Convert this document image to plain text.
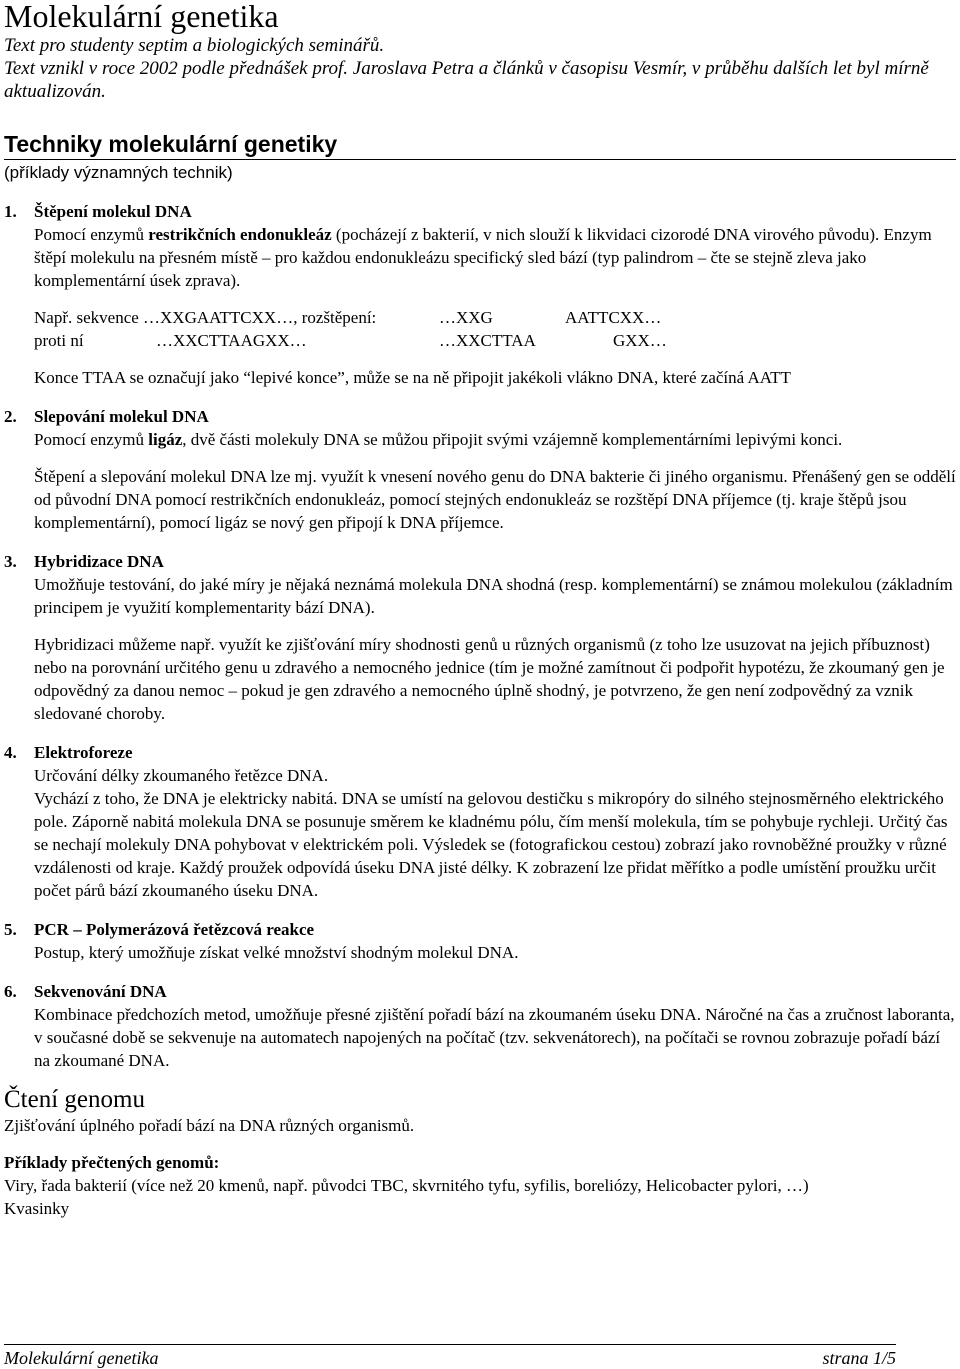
Molekulární genetika

Text pro studenty septim a biologických seminářů.

Text vznikl v roce 2002 podle přednášek prof. Jaroslava Petra a článků v časopisu Vesmír, v průběhu dalších let byl mírně aktualizován.

Techniky molekulární genetiky
(příklady významných technik)
1.	Štěpení molekul DNA

Pomocí enzymů restrikčních endonukleáz (pocházejí z bakterií, v nich slouží k likvidaci cizorodé DNA virového původu). Enzym štěpí molekulu na přesném místě – pro každou endonukleázu specifický sled bází (typ palindrom – čte se stejně zleva jako komplementární úsek zprava).

Např. sekvence …XXGAATTCXX…, rozštěpení:	…XXG	AATTCXX…
proti ní	…XXCTTAAGXX…	…XXCTTAA	GXX…

Konce TTAA se označují jako “lepivé konce”, může se na ně připojit jakékoli vlákno DNA, které začíná AATT

2.	Slepování molekul DNA

Pomocí enzymů ligáz, dvě části molekuly DNA se můžou připojit svými vzájemně komplementárními lepivými konci.

Štěpení a slepování molekul DNA lze mj. využít k vnesení nového genu do DNA bakterie či jiného organismu. Přenášený gen se oddělí od původní DNA pomocí restrikčních endonukleáz, pomocí stejných endonukleáz se rozštěpí DNA příjemce (tj. kraje štěpů jsou komplementární), pomocí ligáz se nový gen připojí k DNA příjemce.

3.	Hybridizace DNA

Umožňuje testování, do jaké míry je nějaká neznámá molekula DNA shodná (resp. komplementární) se známou molekulou (základním principem je využití komplementarity bází DNA).

Hybridizaci můžeme např. využít ke zjišťování míry shodnosti genů u různých organismů (z toho lze usuzovat na jejich příbuznost) nebo na porovnání určitého genu u zdravého a nemocného jednice (tím je možné zamítnout či podpořit hypotézu, že zkoumaný gen je odpovědný za danou nemoc – pokud je gen zdravého a nemocného úplně shodný, je potvrzeno, že gen není zodpovědný za vznik sledované choroby.

4.	Elektroforeze

Určování délky zkoumaného řetězce DNA.

Vychází z toho, že DNA je elektricky nabitá. DNA se umístí na gelovou destičku s mikropóry do silného stejnosměrného elektrického pole. Záporně nabitá molekula DNA se posunuje směrem ke kladnému pólu, čím menší molekula, tím se pohybuje rychleji. Určitý čas se nechají molekuly DNA pohybovat v elektrickém poli. Výsledek se (fotografickou cestou) zobrazí jako rovnoběžné proužky v různé vzdálenosti od kraje. Každý proužek odpovídá úseku DNA jisté délky. K zobrazení lze přidat měřítko a podle umístění proužku určit počet párů bází zkoumaného úseku DNA.

5.	PCR – Polymerázová řetězcová reakce

Postup, který umožňuje získat velké množství shodným molekul DNA.

6.	Sekvenování DNA

Kombinace předchozích metod, umožňuje přesné zjištění pořadí bází na zkoumaném úseku DNA. Náročné na čas a zručnost laboranta, v současné době se sekvenuje na automatech napojených na počítač (tzv. sekvenátorech), na počítači se rovnou zobrazuje pořadí bází na zkoumané DNA.

Čtení genomu

Zjišťování úplného pořadí bází na DNA různých organismů.

Příklady přečtených genomů:

Viry, řada bakterií (více než 20 kmenů, např. původci TBC, skvrnitého tyfu, syfilis, boreliózy, Helicobacter pylori, …)

Kvasinky

Molekulární genetika	strana 1/5
